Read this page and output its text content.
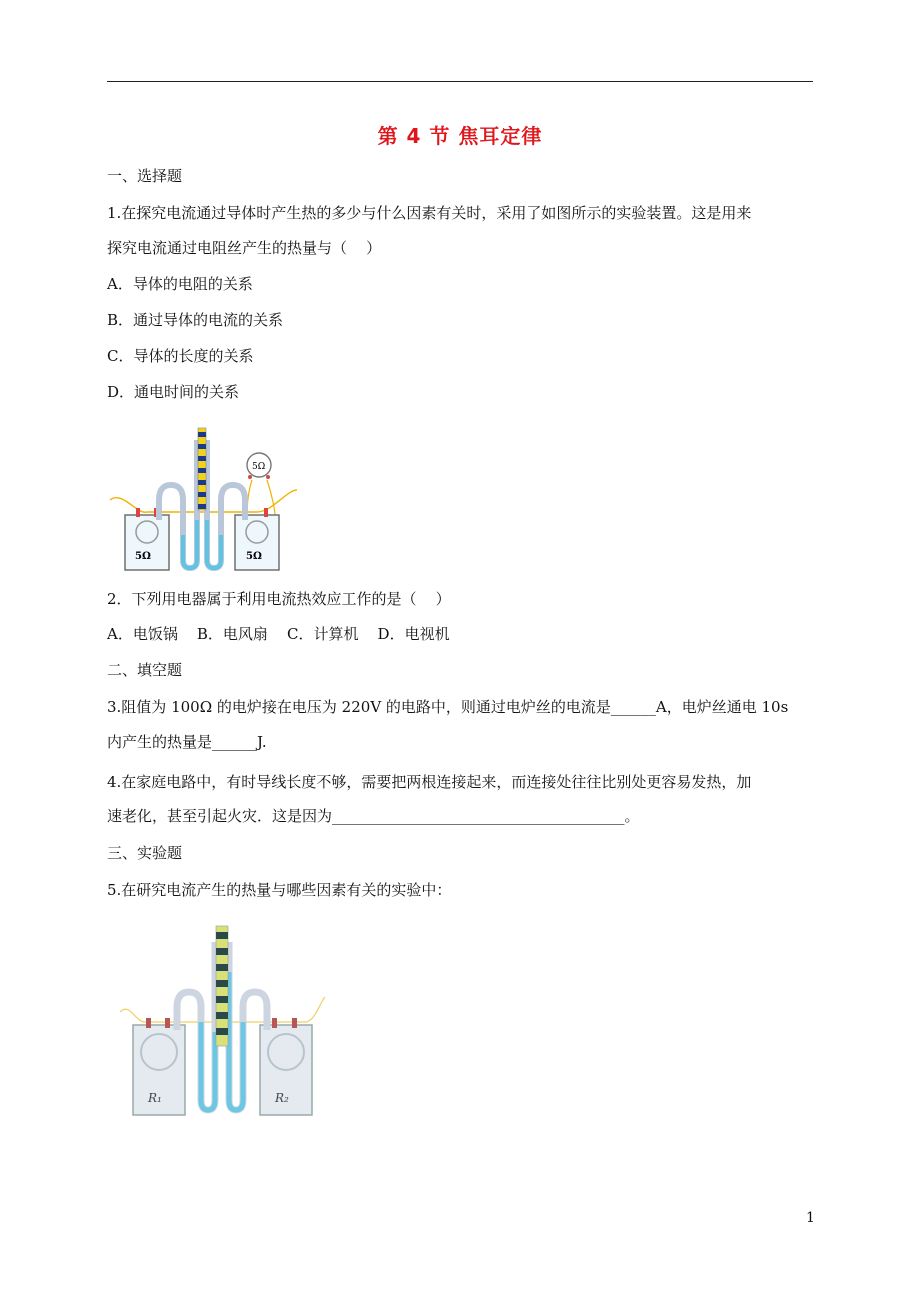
第 4 节 焦耳定律
一、选择题
1.在探究电流通过导体时产生热的多少与什么因素有关时，采用了如图所示的实验装置。这是用来
探究电流通过电阻丝产生的热量与（    ）
A．导体的电阻的关系
B．通过导体的电流的关系
C．导体的长度的关系
D．通电时间的关系
5Ω	5Ω
5Ω
2．下列用电器属于利用电流热效应工作的是（    ）
A．电饭锅    B．电风扇    C．计算机    D．电视机
二、填空题
3.阻值为 100Ω 的电炉接在电压为 220V 的电路中，则通过电炉丝的电流是______A，电炉丝通电 10s
内产生的热量是______J.
4.在家庭电路中，有时导线长度不够，需要把两根连接起来，而连接处往往比别处更容易发热，加
速老化，甚至引起火灾．这是因为_______________________________________。
三、实验题
5.在研究电流产生的热量与哪些因素有关的实验中：
R₁	R₂
1
